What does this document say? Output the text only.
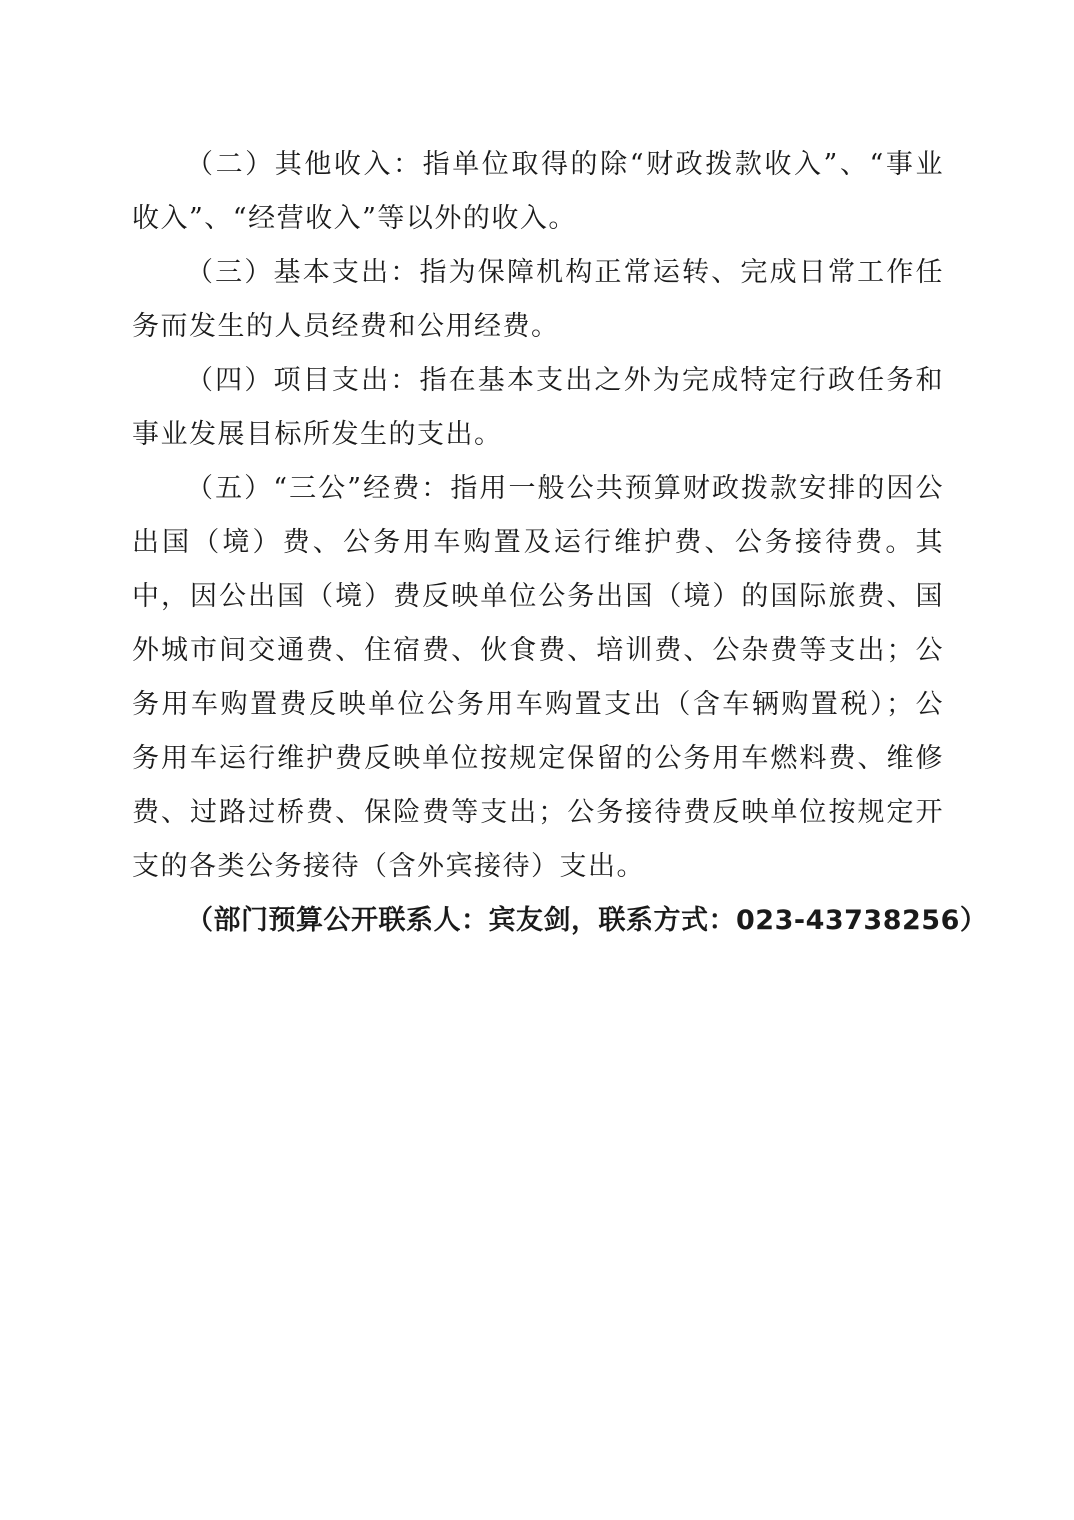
（二）其他收入：指单位取得的除“财政拨款收入”、“事业收入”、“经营收入”等以外的收入。

（三）基本支出：指为保障机构正常运转、完成日常工作任务而发生的人员经费和公用经费。

（四）项目支出：指在基本支出之外为完成特定行政任务和事业发展目标所发生的支出。

（五）“三公”经费：指用一般公共预算财政拨款安排的因公出国（境）费、公务用车购置及运行维护费、公务接待费。其中，因公出国（境）费反映单位公务出国（境）的国际旅费、国外城市间交通费、住宿费、伙食费、培训费、公杂费等支出；公务用车购置费反映单位公务用车购置支出（含车辆购置税）；公务用车运行维护费反映单位按规定保留的公务用车燃料费、维修费、过路过桥费、保险费等支出；公务接待费反映单位按规定开支的各类公务接待（含外宾接待）支出。

（部门预算公开联系人：宾友剑，联系方式：023-43738256）
